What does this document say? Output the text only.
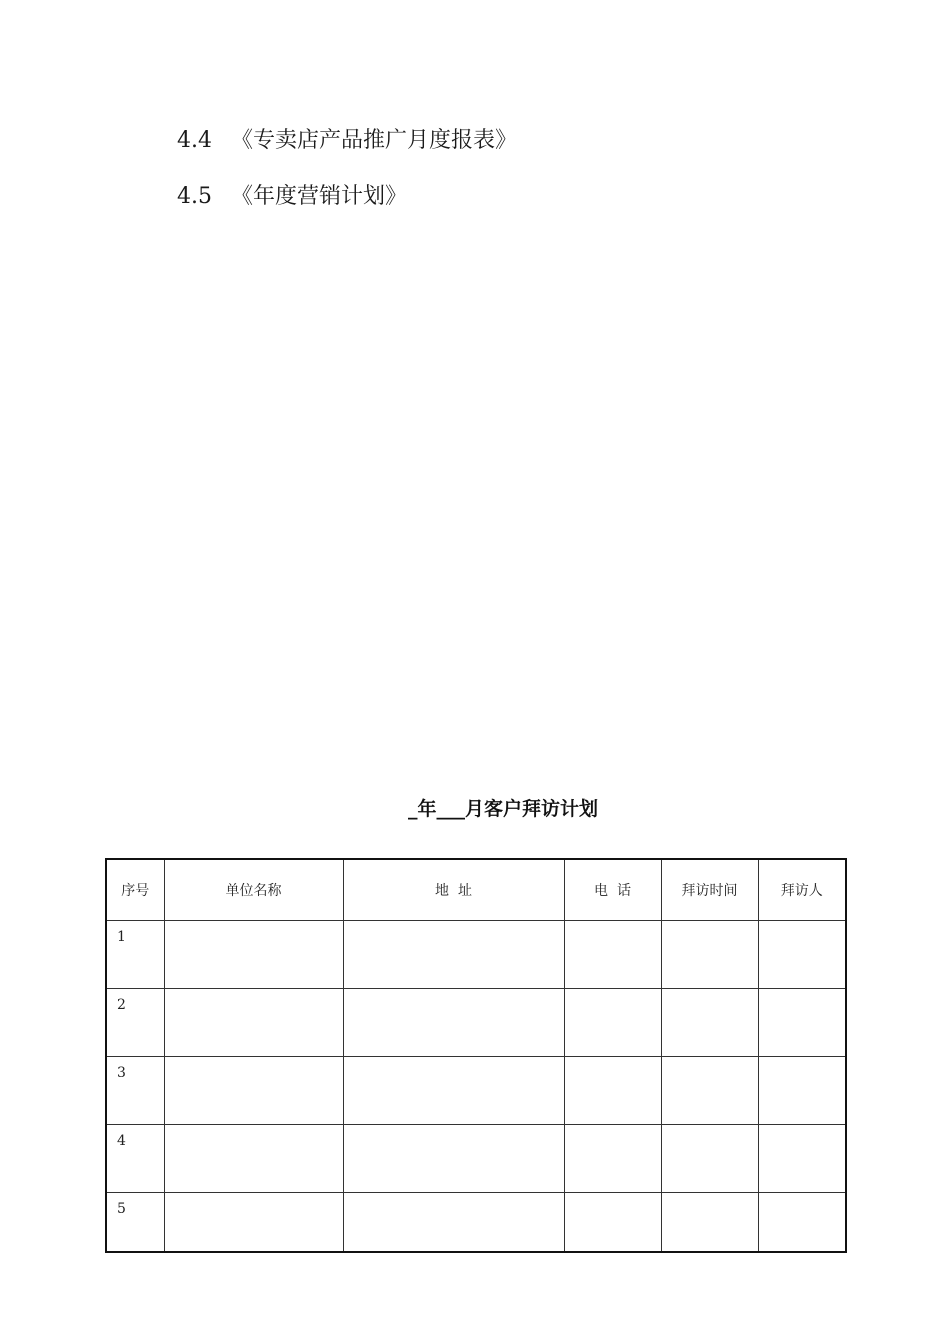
4.4 《专卖店产品推广月度报表》
4.5 《年度营销计划》
_年___月客户拜访计划
序号	单位名称	地  址	电  话	拜访时间	拜访人
1					
2					
3					
4					
5					
